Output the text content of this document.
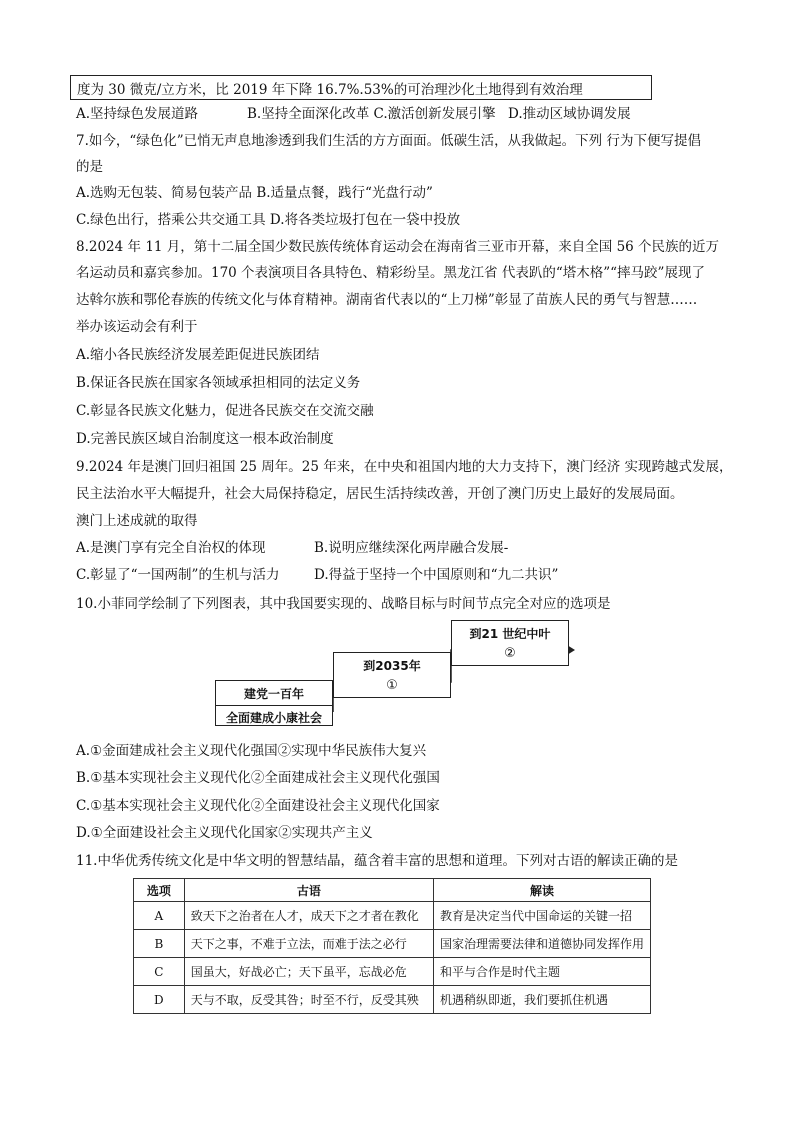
度为 30 微克/立方米，比 2019 年下降 16.7%.53%的可治理沙化土地得到有效治理
A.坚持绿色发展道路	B.坚持全面深化改革 C.激活创新发展引擎 D.推动区域协调发展
7.如今，“绿色化”已悄无声息地渗透到我们生活的方方面面。低碳生活，从我做起。下列 行为下便写提倡
的是
A.选购无包装、简易包装产品 B.适量点餐，践行“光盘行动”
C.绿色出行，搭乘公共交通工具 D.将各类垃圾打包在一袋中投放
8.2024 年 11 月，第十二届全国少数民族传统体育运动会在海南省三亚市开幕，来自全国 56 个民族的近万
名运动员和嘉宾参加。170 个表演项目各具特色、精彩纷呈。黑龙江省 代表趴的“塔木格”“摔马跤”展现了
达斡尔族和鄂伦春族的传统文化与体育精神。湖南省代表以的“上刀梯”彰显了苗族人民的勇气与智慧……
举办该运动会有利于
A.缩小各民族经济发展差距促进民族团结
B.保证各民族在国家各领域承担相同的法定义务
C.彰显各民族文化魅力，促进各民族交在交流交融
D.完善民族区域自治制度这一根本政治制度
9.2024 年是澳门回归祖国 25 周年。25 年来，在中央和祖国内地的大力支持下，澳门经济 实现跨越式发展，
民主法治水平大幅提升，社会大局保持稳定，居民生活持续改善，开创了澳门历史上最好的发展局面。
澳门上述成就的取得
A.是澳门享有完全自治权的体现	B.说明应继续深化两岸融合发展-
C.彰显了“一国两制”的生机与活力	D.得益于坚持一个中国原则和“九二共识”
10.小菲同学绘制了下列图表，其中我国要实现的、战略目标与时间节点完全对应的选项是
建党一百年
全面建成小康社会
到2035年
①
到21 世纪中叶
②
A.①金面建成社会主义现代化强国②实现中华民族伟大复兴
B.①基本实现社会主义现代化②全面建成社会主义现代化强国
C.①基本实现社会主义现代化②全面建设社会主义现代化国家
D.①全面建设社会主义现代化国家②实现共产主义
11.中华优秀传统文化是中华文明的智慧结晶，蕴含着丰富的思想和道理。下列对古语的解读正确的是
选项	古语	解读
A	致天下之治者在人才，成天下之才者在教化	教育是决定当代中国命运的关键一招
B	天下之事，不难于立法，而难于法之必行	国家治理需要法律和道德协同发挥作用
C	国虽大，好战必亡；天下虽平，忘战必危	和平与合作是时代主题
D	天与不取，反受其咎；时至不行，反受其殃	机遇稍纵即逝，我们要抓住机遇
